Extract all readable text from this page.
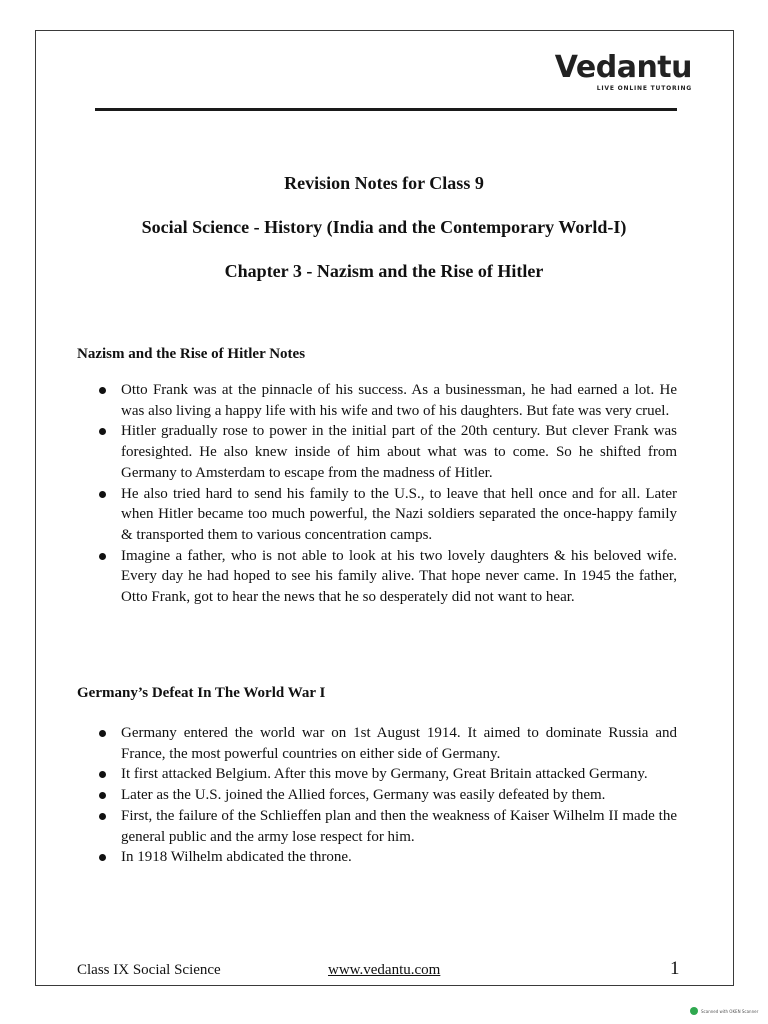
Vedantu
LIVE ONLINE TUTORING
Revision Notes for Class 9
Social Science - History (India and the Contemporary World-I)
Chapter 3 - Nazism and the Rise of Hitler
Nazism and the Rise of Hitler Notes
Otto Frank was at the pinnacle of his success. As a businessman, he had earned a lot. He was also living a happy life with his wife and two of his daughters. But fate was very cruel.
Hitler gradually rose to power in the initial part of the 20th century. But clever Frank was foresighted. He also knew inside of him about what was to come. So he shifted from Germany to Amsterdam to escape from the madness of Hitler.
He also tried hard to send his family to the U.S., to leave that hell once and for all. Later when Hitler became too much powerful, the Nazi soldiers separated the once-happy family & transported them to various concentration camps.
Imagine a father, who is not able to look at his two lovely daughters & his beloved wife. Every day he had hoped to see his family alive. That hope never came. In 1945 the father, Otto Frank, got to hear the news that he so desperately did not want to hear.
Germany’s Defeat In The World War I
Germany entered the world war on 1st August 1914. It aimed to dominate Russia and France, the most powerful countries on either side of Germany.
It first attacked Belgium. After this move by Germany, Great Britain attacked Germany.
Later as the U.S. joined the Allied forces, Germany was easily defeated by them.
First, the failure of the Schlieffen plan and then the weakness of Kaiser Wilhelm II made the general public and the army lose respect for him.
In 1918 Wilhelm abdicated the throne.
Class IX Social Science	www.vedantu.com	1
Scanned with OKEN Scanner
